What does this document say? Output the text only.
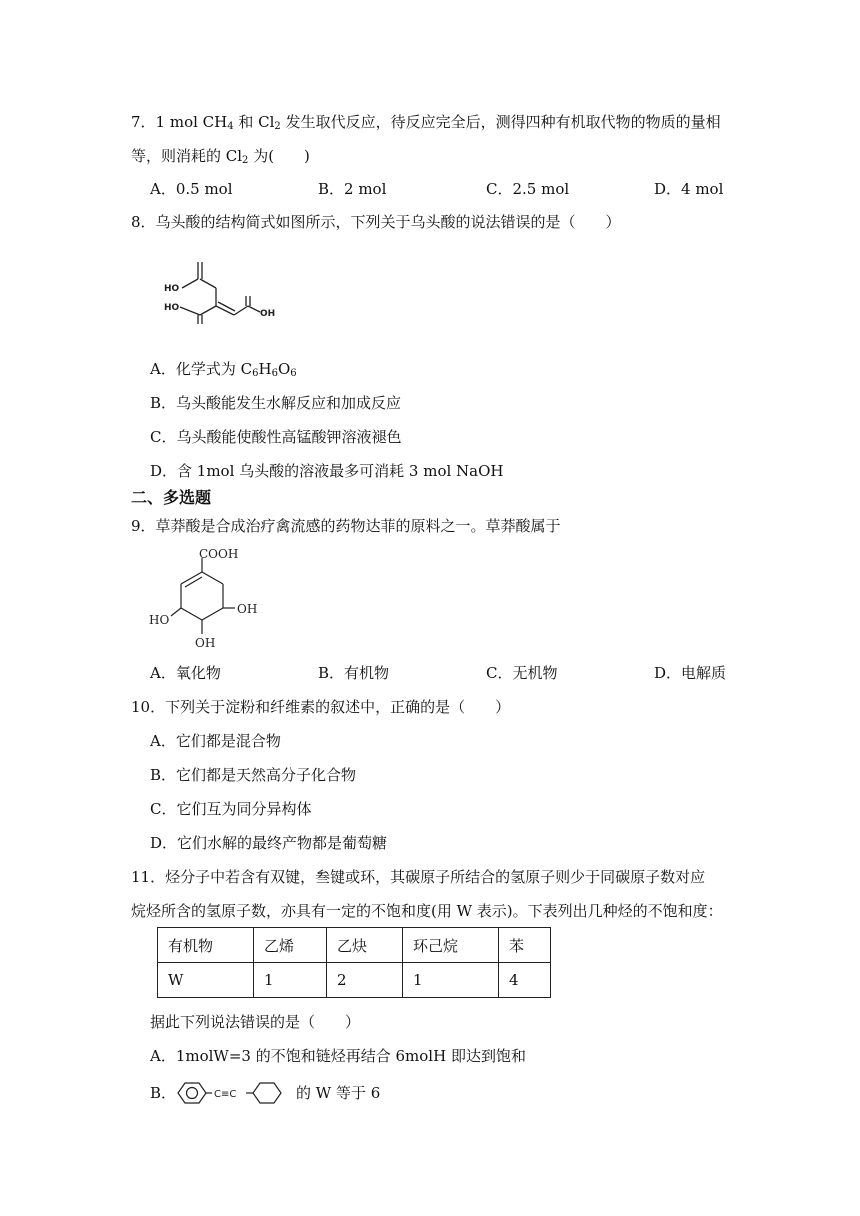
7．1 mol $CH_4$ 和 $Cl_2$ 发生取代反应，待反应完全后，测得四种有机取代物的物质的量相
等，则消耗的 $Cl_2$ 为(　　)
A．0.5 mol	B．2 mol	C．2.5 mol	D．4 mol
8．乌头酸的结构简式如图所示，下列关于乌头酸的说法错误的是（　　）
HO
HO
OH
A．化学式为 $C_6H_6O_6$
B．乌头酸能发生水解反应和加成反应
C．乌头酸能使酸性高锰酸钾溶液褪色
D．含 1mol 乌头酸的溶液最多可消耗 3 mol NaOH
二、多选题
9．草莽酸是合成治疗禽流感的药物达菲的原料之一。草莽酸属于
COOH
OH
HO
OH
A．氧化物	B．有机物	C．无机物	D．电解质
10．下列关于淀粉和纤维素的叙述中，正确的是（　　）
A．它们都是混合物
B．它们都是天然高分子化合物
C．它们互为同分异构体
D．它们水解的最终产物都是葡萄糖
11．烃分子中若含有双键，叁键或环，其碳原子所结合的氢原子则少于同碳原子数对应
烷烃所含的氢原子数，亦具有一定的不饱和度(用 W 表示)。下表列出几种烃的不饱和度：
有机物	乙烯	乙炔	环己烷	苯
W	1	2	1	4
据此下列说法错误的是（　　）
A．1molW=3 的不饱和链烃再结合 6molH 即达到饱和
B．	C≡C	的 W 等于 6
